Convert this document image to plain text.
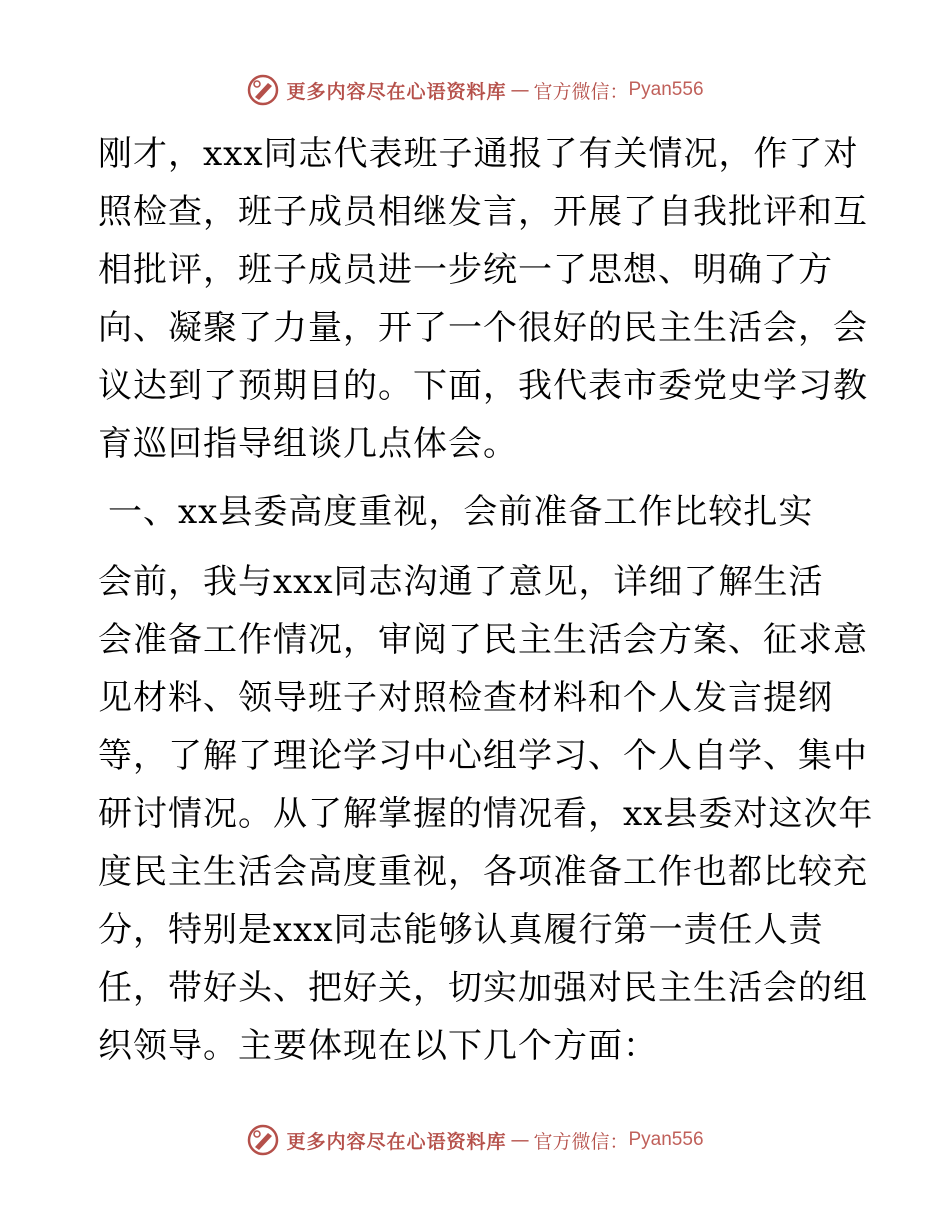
更多内容尽在心语资料库 — 官方微信： Pyan556

刚才，xxx同志代表班子通报了有关情况，作了对
照检查，班子成员相继发言，开展了自我批评和互
相批评，班子成员进一步统一了思想、明确了方
向、凝聚了力量，开了一个很好的民主生活会，会
议达到了预期目的。下面，我代表市委党史学习教
育巡回指导组谈几点体会。

一、xx县委高度重视，会前准备工作比较扎实

会前，我与xxx同志沟通了意见，详细了解生活
会准备工作情况，审阅了民主生活会方案、征求意
见材料、领导班子对照检查材料和个人发言提纲
等，了解了理论学习中心组学习、个人自学、集中
研讨情况。从了解掌握的情况看，xx县委对这次年
度民主生活会高度重视，各项准备工作也都比较充
分，特别是xxx同志能够认真履行第一责任人责
任，带好头、把好关，切实加强对民主生活会的组
织领导。主要体现在以下几个方面：

更多内容尽在心语资料库 — 官方微信： Pyan556
